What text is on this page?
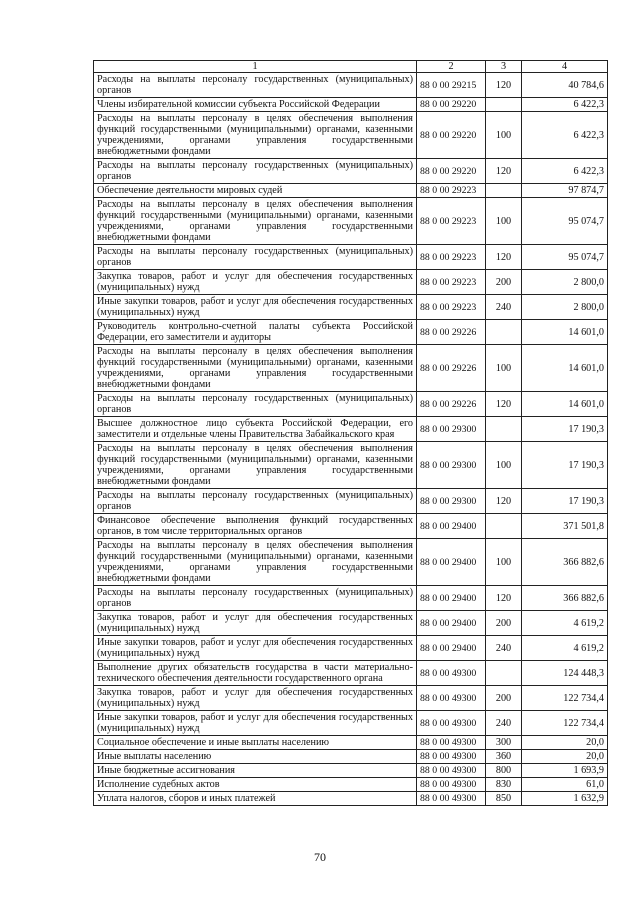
1	2	3	4
Расходы на выплаты персоналу государственных (муниципальных) органов	88 0 00 29215	120	40 784,6
Члены избирательной комиссии субъекта Российской Федерации	88 0 00 29220		6 422,3
Расходы на выплаты персоналу в целях обеспечения выполнения функций государственными (муниципальными) органами, казенными учреждениями, органами управления государственными внебюджетными фондами	88 0 00 29220	100	6 422,3
Расходы на выплаты персоналу государственных (муниципальных) органов	88 0 00 29220	120	6 422,3
Обеспечение деятельности мировых судей	88 0 00 29223		97 874,7
Расходы на выплаты персоналу в целях обеспечения выполнения функций государственными (муниципальными) органами, казенными учреждениями, органами управления государственными внебюджетными фондами	88 0 00 29223	100	95 074,7
Расходы на выплаты персоналу государственных (муниципальных) органов	88 0 00 29223	120	95 074,7
Закупка товаров, работ и услуг для обеспечения государственных (муниципальных) нужд	88 0 00 29223	200	2 800,0
Иные закупки товаров, работ и услуг для обеспечения государственных (муниципальных) нужд	88 0 00 29223	240	2 800,0
Руководитель контрольно-счетной палаты субъекта Российской Федерации, его заместители и аудиторы	88 0 00 29226		14 601,0
Расходы на выплаты персоналу в целях обеспечения выполнения функций государственными (муниципальными) органами, казенными учреждениями, органами управления государственными внебюджетными фондами	88 0 00 29226	100	14 601,0
Расходы на выплаты персоналу государственных (муниципальных) органов	88 0 00 29226	120	14 601,0
Высшее должностное лицо субъекта Российской Федерации, его заместители и отдельные члены Правительства Забайкальского края	88 0 00 29300		17 190,3
Расходы на выплаты персоналу в целях обеспечения выполнения функций государственными (муниципальными) органами, казенными учреждениями, органами управления государственными внебюджетными фондами	88 0 00 29300	100	17 190,3
Расходы на выплаты персоналу государственных (муниципальных) органов	88 0 00 29300	120	17 190,3
Финансовое обеспечение выполнения функций государственных органов, в том числе территориальных органов	88 0 00 29400		371 501,8
Расходы на выплаты персоналу в целях обеспечения выполнения функций государственными (муниципальными) органами, казенными учреждениями, органами управления государственными внебюджетными фондами	88 0 00 29400	100	366 882,6
Расходы на выплаты персоналу государственных (муниципальных) органов	88 0 00 29400	120	366 882,6
Закупка товаров, работ и услуг для обеспечения государственных (муниципальных) нужд	88 0 00 29400	200	4 619,2
Иные закупки товаров, работ и услуг для обеспечения государственных (муниципальных) нужд	88 0 00 29400	240	4 619,2
Выполнение других обязательств государства в части материально-технического обеспечения деятельности государственного органа	88 0 00 49300		124 448,3
Закупка товаров, работ и услуг для обеспечения государственных (муниципальных) нужд	88 0 00 49300	200	122 734,4
Иные закупки товаров, работ и услуг для обеспечения государственных (муниципальных) нужд	88 0 00 49300	240	122 734,4
Социальное обеспечение и иные выплаты населению	88 0 00 49300	300	20,0
Иные выплаты населению	88 0 00 49300	360	20,0
Иные бюджетные ассигнования	88 0 00 49300	800	1 693,9
Исполнение судебных актов	88 0 00 49300	830	61,0
Уплата налогов, сборов и иных платежей	88 0 00 49300	850	1 632,9
70
